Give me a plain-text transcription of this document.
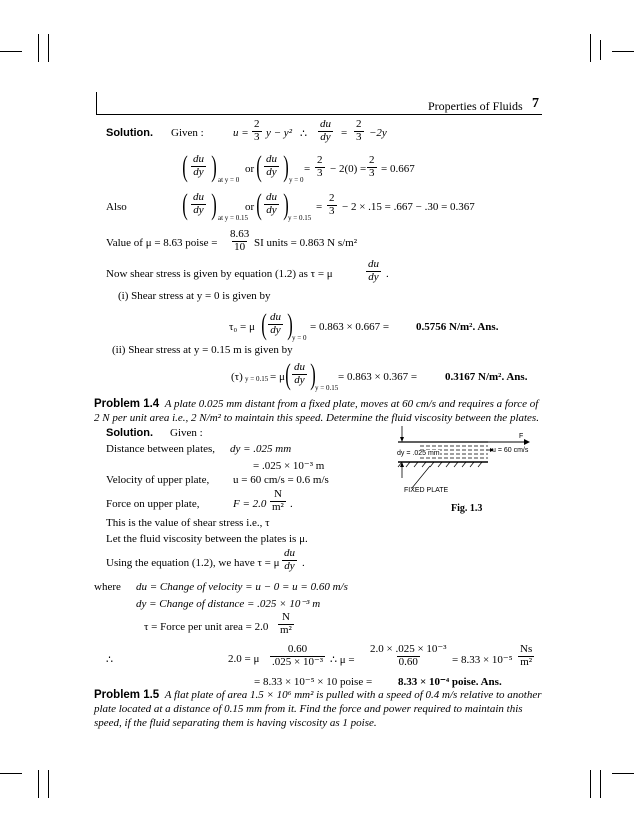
Properties of Fluids 7
Solution. Given :	$u = \frac{2}{3}$ y − y² ∴ $\frac{du}{dy} = \frac{2}{3} -2y$
( $\frac{du}{dy}$ ) at y = 0
or ( $\frac{du}{dy}$ ) y = 0
= $\frac{2}{3} - 2(0) = \frac{2}{3} = 0.667$
Also ( $\frac{du}{dy}$ ) at y = 0.15
or ( $\frac{du}{dy}$ ) y = 0.15
= $\frac{2}{3} - 2 \times .15 = .667 - .30 = 0.367$
Value of μ = 8.63 poise = $\frac{8.63}{10}$ SI units = 0.863 N s/m²
Now shear stress is given by equation (1.2) as τ = μ	$\frac{du}{dy}$ .
(i) Shear stress at y = 0 is given by
τ₀ = μ ( $\frac{du}{dy}$ ) y = 0
= 0.863 × 0.667 = 0.5756 N/m². Ans.
(ii) Shear stress at y = 0.15 m is given by
(τ) y = 0.15 = μ ( $\frac{du}{dy}$ ) y = 0.15
= 0.863 × 0.367 =	0.3167 N/m². Ans.
Problem 1.4 A plate 0.025 mm distant from a fixed plate, moves at 60 cm/s and requires a force of 2 N per unit area i.e., 2 N/m² to maintain this speed. Determine the fluid viscosity between the plates.
Solution. Given :
Distance between plates, dy = .025 mm
= .025 × 10⁻³ m
Velocity of upper plate, u = 60 cm/s = 0.6 m/s
Force on upper plate,	$F = 2.0 \frac{N}{\text{m²}}$ .
This is the value of shear stress i.e., τ
Let the fluid viscosity between the plates is μ.
Using the equation (1.2), we have τ = μ $\frac{du}{dy}$ .
where du = Change of velocity = u − 0 = u = 0.60 m/s
dy = Change of distance = .025 × 10⁻³ m
τ = Force per unit area = $2.0 \frac{N}{\text{m²}}$
∴	2.0 = μ $\frac{0.60}{\text{.025 × 10⁻³}}$ ∴ $\mu = \frac{\text{2.0 × .025 × 10⁻³}}{0.60} = 8.33 \times 10^{-5} \frac{Ns}{\text{m²}}$
= 8.33 × 10⁻⁵ × 10 poise = 8.33 × 10⁻⁴ poise. Ans.
F
dy = .025 mm	u = 60 cm/s
FIXED PLATE
Fig. 1.3
Problem 1.5 A flat plate of area 1.5 × 10⁶ mm² is pulled with a speed of 0.4 m/s relative to another plate located at a distance of 0.15 mm from it. Find the force and power required to maintain this speed, if the fluid separating them is having viscosity as 1 poise.
